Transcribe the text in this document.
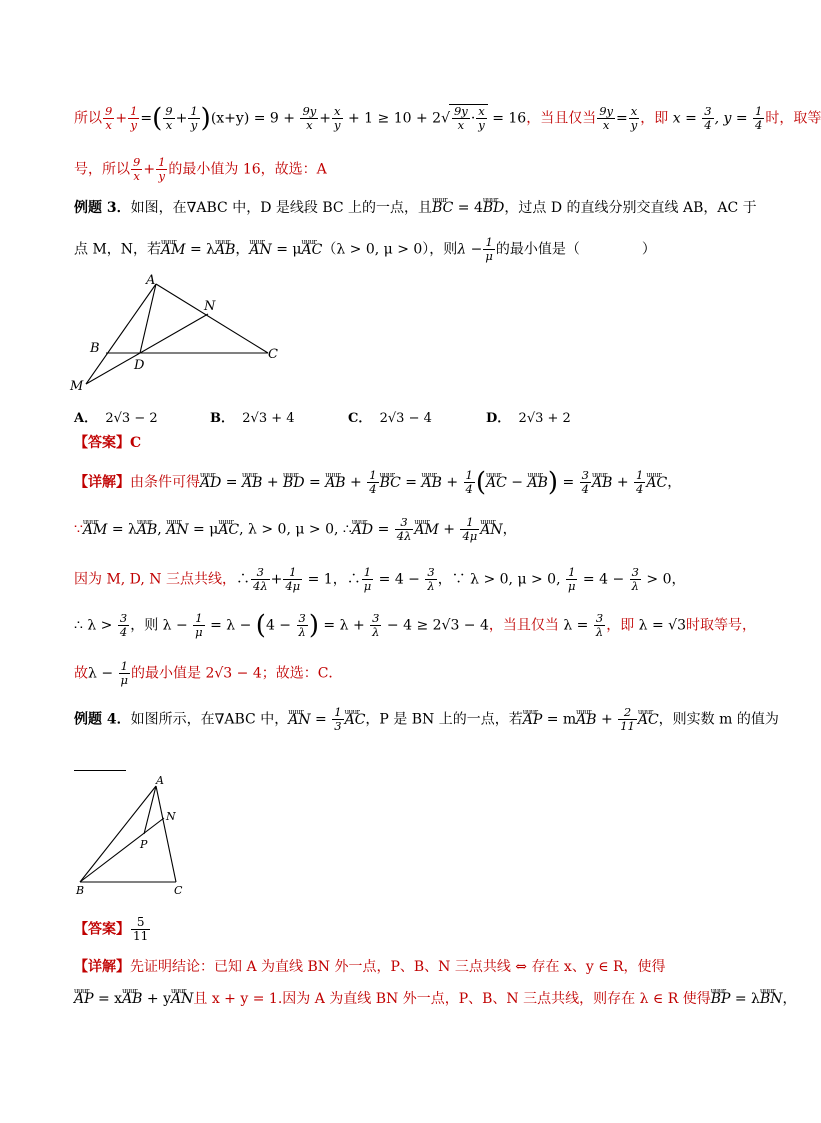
所以 $\frac{9}{x} + \frac{1}{y}$ =( $\frac{9}{x} + \frac{1}{y} )(x+y) = 9 + \frac{9y}{x} + \frac{x}{y} + 1 \ge 10 + 2√ \frac{9y}{x} \cdot \frac{x}{y} = 16$，当且仅当 $\frac{9y}{x} = \frac{x}{y}$ ，即 $x = \frac{3}{4}$ , $y = \frac{1}{4}$ 时，取等
号，所以 $\frac{9}{x} + \frac{1}{y}$ 的最小值为 16，故选：A
例题 3．如图，在∇ABC 中，D 是线段 BC 上的一点，且uuur BC = 4uuur BD，过点 D 的直线分别交直线 AB，AC 于
点 M，N，若uuur AM = λuuur AB，uuur AN = μuuur AC（λ > 0, μ > 0），则$\lambda - \frac{1}{\mu}$ 的最小值是（	）
A
B	C
D
M
N
A． 2√3 − 2	B． 2√3 + 4	C． 2√3 − 4	D． 2√3 + 2
【答案】C
【详解】由条件可得uuur AD = uuur AB + uuur BD = uuur AB + $\frac{1}{4}$ uuur BC = uuur AB + $\frac{1}{4}$ (uuur AC − uuur $AB) = \frac{3}{4}$ uuur AB + $\frac{1}{4}$ uuur AC，
∵uuur AM = λuuur AB, uuur AN = μuuur AC, λ > 0, μ > 0, ∴uuur AD = $\frac{3}{4\lambda}$ uuur AM + $\frac{1}{4\mu}$ uuur AN，
因为 M, D, N 三点共线，∴ $\frac{3}{4\lambda} + \frac{1}{4\mu} = 1$，∴ $\frac{1}{\mu} = 4 - \frac{3}{\lambda}$ ，∵ λ > 0, μ > 0, $\frac{1}{\mu} = 4 - \frac{3}{\lambda} > 0$，
∴ $\lambda > \frac{3}{4}$ ，则 $\lambda - \frac{1}{\mu} = \lambda - (4 - \frac{3}{\lambda}$ ) = $\lambda + \frac{3}{\lambda} - 4 \ge 2√3 - 4$，当且仅当 $\lambda = \frac{3}{\lambda}$ ，即 λ = √3时取等号，
故$\lambda - \frac{1}{\mu}$ 的最小值是 2√3 − 4；故选：C．
例题 4．如图所示，在∇ABC 中，uuur AN = $\frac{1}{3}$ uuur AC，P 是 BN 上的一点，若uuur AP = muuur AB + $\frac{2}{11}$ uuur AC，则实数 m 的值为
A
B	C
N
P
【答案】 $\frac{5}{11}$
【详解】先证明结论：已知 A 为直线 BN 外一点，P、B、N 三点共线 ⇔ 存在 x、y ∈ R，使得
uuur AP = xuuur AB + yuuur AN且 x + y = 1.因为 A 为直线 BN 外一点，P、B、N 三点共线，则存在 λ ∈ R 使得uuur BP = λuuur BN，
